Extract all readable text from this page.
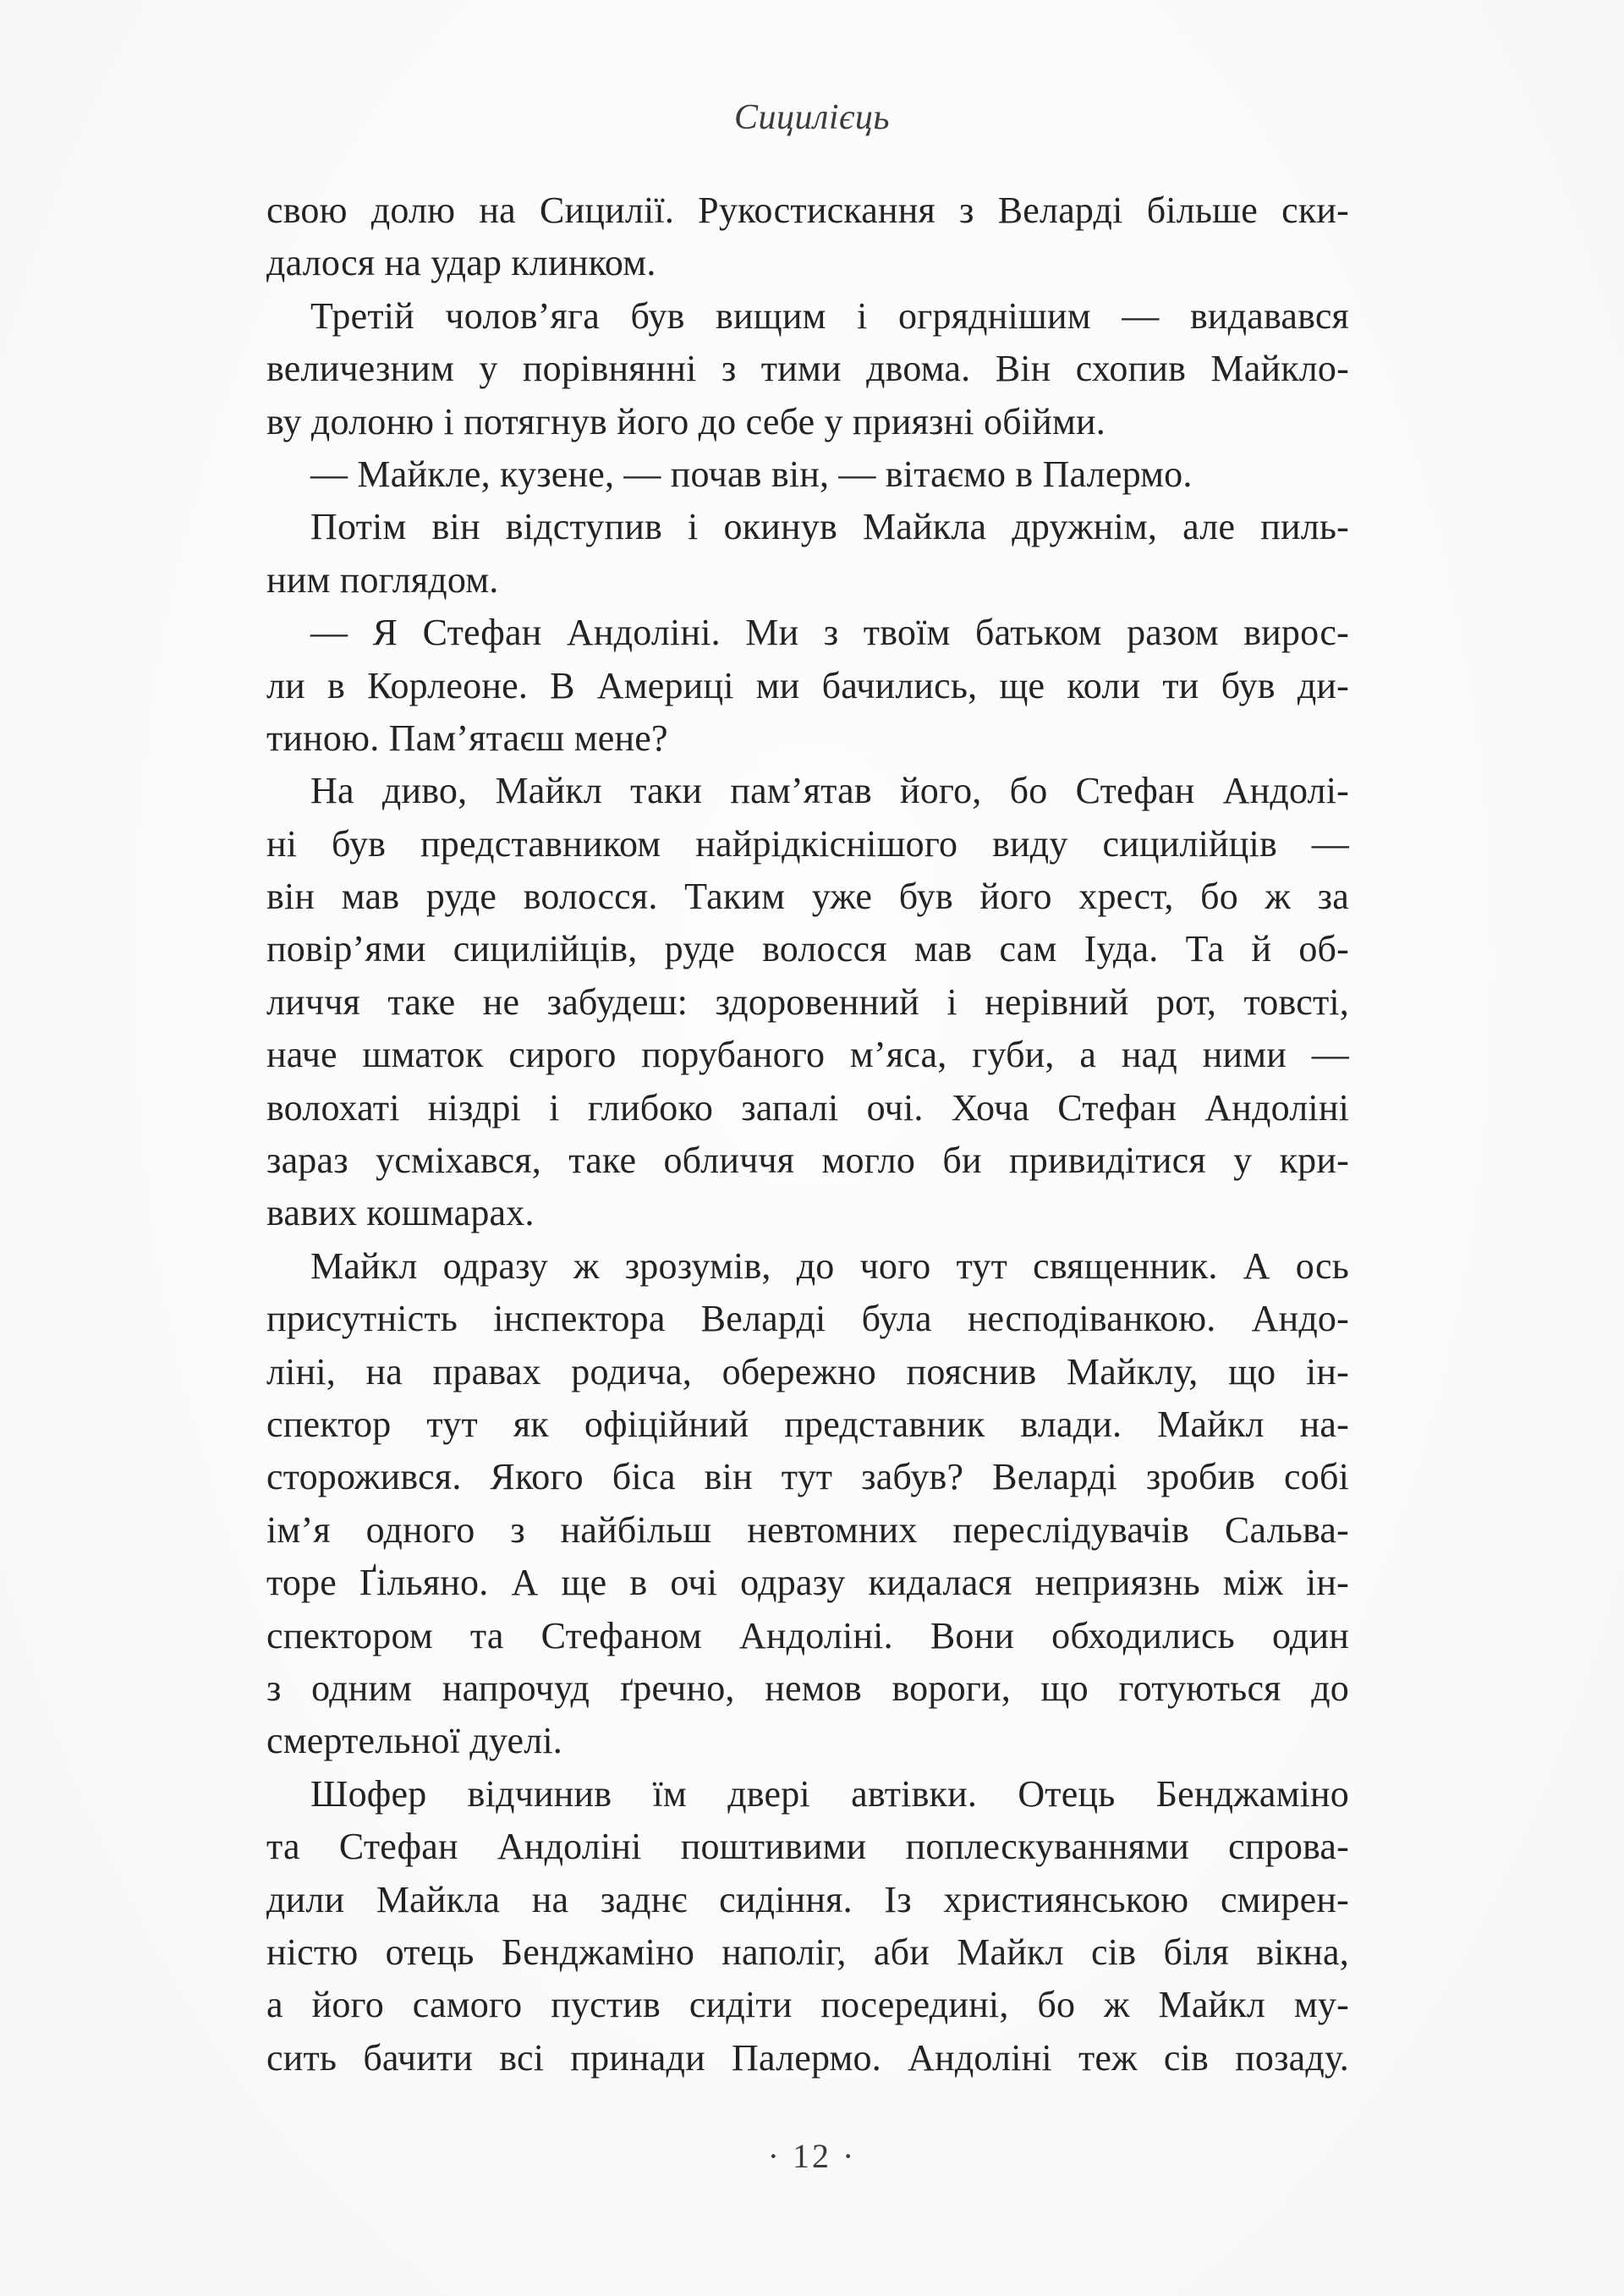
Сицилієць
свою долю на Сицилії. Рукостискання з Веларді більше ски-
далося на удар клинком.
Третій чолов’яга був вищим і огряднішим — видавався
величезним у порівнянні з тими двома. Він схопив Майкло-
ву долоню і потягнув його до себе у приязні обійми.
— Майкле, кузене, — почав він, — вітаємо в Палермо.
Потім він відступив і окинув Майкла дружнім, але пиль-
ним поглядом.
— Я Стефан Андоліні. Ми з твоїм батьком разом вирос-
ли в Корлеоне. В Америці ми бачились, ще коли ти був ди-
тиною. Пам’ятаєш мене?
На диво, Майкл таки пам’ятав його, бо Стефан Андолі-
ні був представником найрідкіснішого виду сицилійців —
він мав руде волосся. Таким уже був його хрест, бо ж за
повір’ями сицилійців, руде волосся мав сам Іуда. Та й об-
личчя таке не забудеш: здоровенний і нерівний рот, товсті,
наче шматок сирого порубаного м’яса, губи, а над ними —
волохаті ніздрі і глибоко запалі очі. Хоча Стефан Андоліні
зараз усміхався, таке обличчя могло би привидітися у кри-
вавих кошмарах.
Майкл одразу ж зрозумів, до чого тут священник. А ось
присутність інспектора Веларді була несподіванкою. Андо-
ліні, на правах родича, обережно пояснив Майклу, що ін-
спектор тут як офіційний представник влади. Майкл на-
сторожився. Якого біса він тут забув? Веларді зробив собі
ім’я одного з найбільш невтомних переслідувачів Сальва-
торе Ґільяно. А ще в очі одразу кидалася неприязнь між ін-
спектором та Стефаном Андоліні. Вони обходились один
з одним напрочуд ґречно, немов вороги, що готуються до
смертельної дуелі.
Шофер відчинив їм двері автівки. Отець Бенджаміно
та Стефан Андоліні поштивими поплескуваннями спрова-
дили Майкла на заднє сидіння. Із християнською смирен-
ністю отець Бенджаміно наполіг, аби Майкл сів біля вікна,
а його самого пустив сидіти посередині, бо ж Майкл му-
сить бачити всі принади Палермо. Андоліні теж сів позаду.
· 12 ·
